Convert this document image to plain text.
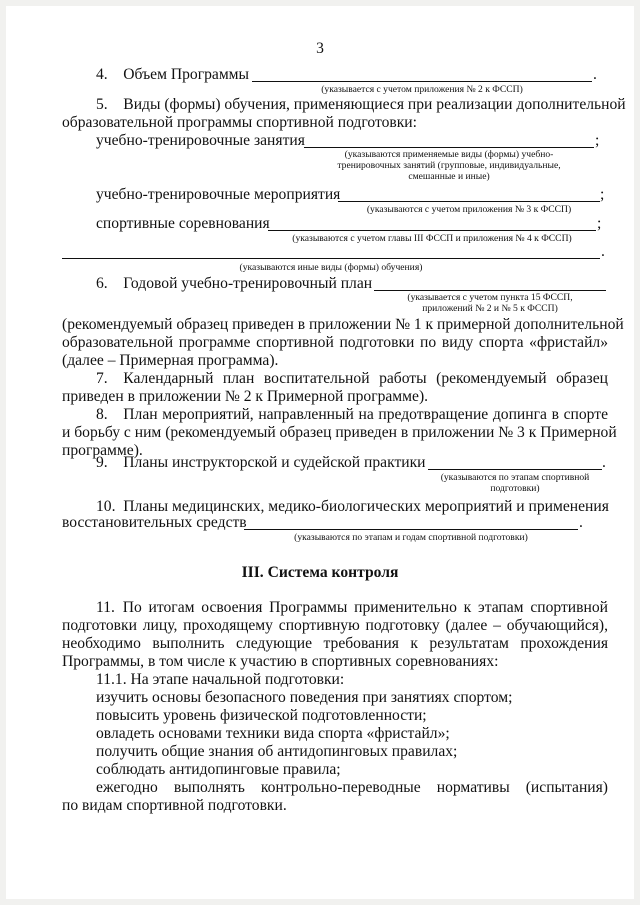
3
4. Объем Программы	.
(указывается с учетом приложения № 2 к ФССП)
5. Виды (формы) обучения, применяющиеся при реализации дополнительной
образовательной программы спортивной подготовки:
учебно-тренировочные занятия	;
(указываются применяемые виды (формы) учебно-
тренировочных занятий (групповые, индивидуальные,
смешанные и иные)
учебно-тренировочные мероприятия	;
(указываются с учетом приложения № 3 к ФССП)
спортивные соревнования	;
(указываются с учетом главы III ФССП и приложения № 4 к ФССП)
.
(указываются иные виды (формы) обучения)
6. Годовой учебно-тренировочный план
(указывается с учетом пункта 15 ФССП,
приложений № 2 и № 5 к ФССП)
(рекомендуемый образец приведен в приложении № 1 к примерной дополнительной
образовательной программе спортивной подготовки по виду спорта «фристайл»
(далее – Примерная программа).
7. Календарный план воспитательной работы (рекомендуемый образец
приведен в приложении № 2 к Примерной программе).
8. План мероприятий, направленный на предотвращение допинга в спорте
и борьбу с ним (рекомендуемый образец приведен в приложении № 3 к Примерной
программе).
9. Планы инструкторской и судейской практики	.
(указываются по этапам спортивной
подготовки)
10. Планы медицинских, медико-биологических мероприятий и применения
восстановительных средств	.
(указываются по этапам и годам спортивной подготовки)
III. Система контроля
11. По итогам освоения Программы применительно к этапам спортивной
подготовки лицу, проходящему спортивную подготовку (далее – обучающийся),
необходимо выполнить следующие требования к результатам прохождения
Программы, в том числе к участию в спортивных соревнованиях:
11.1. На этапе начальной подготовки:
изучить основы безопасного поведения при занятиях спортом;
повысить уровень физической подготовленности;
овладеть основами техники вида спорта «фристайл»;
получить общие знания об антидопинговых правилах;
соблюдать антидопинговые правила;
ежегодно выполнять контрольно-переводные нормативы (испытания)
по видам спортивной подготовки.
